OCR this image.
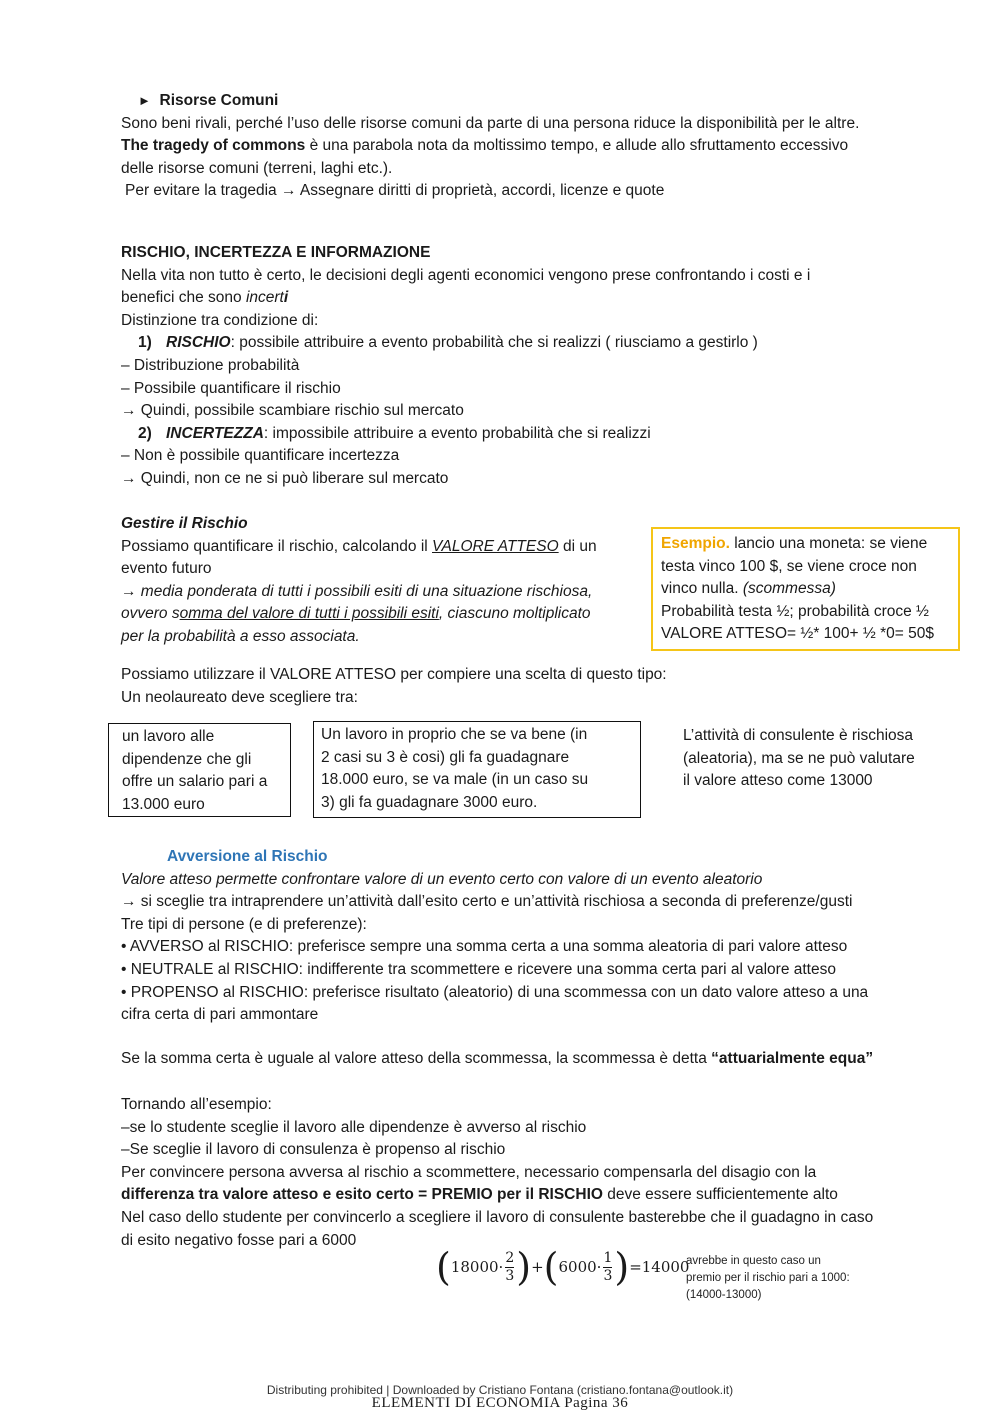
► Risorse Comuni
Sono beni rivali, perché l’uso delle risorse comuni da parte di una persona riduce la disponibilità per le altre.
The tragedy of commons è una parabola nota da moltissimo tempo, e allude allo sfruttamento eccessivo
delle risorse comuni (terreni, laghi etc.).
Per evitare la tragedia → Assegnare diritti di proprietà, accordi, licenze e quote
RISCHIO, INCERTEZZA E INFORMAZIONE
Nella vita non tutto è certo, le decisioni degli agenti economici vengono prese confrontando i costi e i
benefici che sono incerti
Distinzione tra condizione di:
1) RISCHIO: possibile attribuire a evento probabilità che si realizzi ( riusciamo a gestirlo )
– Distribuzione probabilità
– Possibile quantificare il rischio
→ Quindi, possibile scambiare rischio sul mercato
2) INCERTEZZA: impossibile attribuire a evento probabilità che si realizzi
– Non è possibile quantificare incertezza
→ Quindi, non ce ne si può liberare sul mercato
Gestire il Rischio
Possiamo quantificare il rischio, calcolando il VALORE ATTESO di un
evento futuro
→ media ponderata di tutti i possibili esiti di una situazione rischiosa,
ovvero somma del valore di tutti i possibili esiti, ciascuno moltiplicato
per la probabilità a esso associata.
Esempio. lancio una moneta: se viene
testa vinco 100 $, se viene croce non
vinco nulla. (scommessa)
Probabilità testa ½; probabilità croce ½
VALORE ATTESO= ½* 100+ ½ *0= 50$
Possiamo utilizzare il VALORE ATTESO per compiere una scelta di questo tipo:
Un neolaureato deve scegliere tra:
un lavoro alle
dipendenze che gli
offre un salario pari a
13.000 euro
Un lavoro in proprio che se va bene (in
2 casi su 3 è cosi) gli fa guadagnare
18.000 euro, se va male (in un caso su
3) gli fa guadagnare 3000 euro.
L’attività di consulente è rischiosa
(aleatoria), ma se ne può valutare
il valore atteso come 13000
Avversione al Rischio
Valore atteso permette confrontare valore di un evento certo con valore di un evento aleatorio
→ si sceglie tra intraprendere un’attività dall’esito certo e un’attività rischiosa a seconda di preferenze/gusti
Tre tipi di persone (e di preferenze):
• AVVERSO al RISCHIO: preferisce sempre una somma certa a una somma aleatoria di pari valore atteso
• NEUTRALE al RISCHIO: indifferente tra scommettere e ricevere una somma certa pari al valore atteso
• PROPENSO al RISCHIO: preferisce risultato (aleatorio) di una scommessa con un dato valore atteso a una
cifra certa di pari ammontare
Se la somma certa è uguale al valore atteso della scommessa, la scommessa è detta “attuarialmente equa”
Tornando all’esempio:
–se lo studente sceglie il lavoro alle dipendenze è avverso al rischio
–Se sceglie il lavoro di consulenza è propenso al rischio
Per convincere persona avversa al rischio a scommettere, necessario compensarla del disagio con la
differenza tra valore atteso e esito certo = PREMIO per il RISCHIO deve essere sufficientemente alto
Nel caso dello studente per convincerlo a scegliere il lavoro di consulente basterebbe che il guadagno in caso
di esito negativo fosse pari a 6000
( $18000\cdot \frac{2}{3}$ ) + ( $6000\cdot \frac{1}{3}$ ) =14000
avrebbe in questo caso un
premio per il rischio pari a 1000:
(14000-13000)
Distributing prohibited | Downloaded by Cristiano Fontana (cristiano.fontana@outlook.it)
ELEMENTI DI ECONOMIA Pagina 36
